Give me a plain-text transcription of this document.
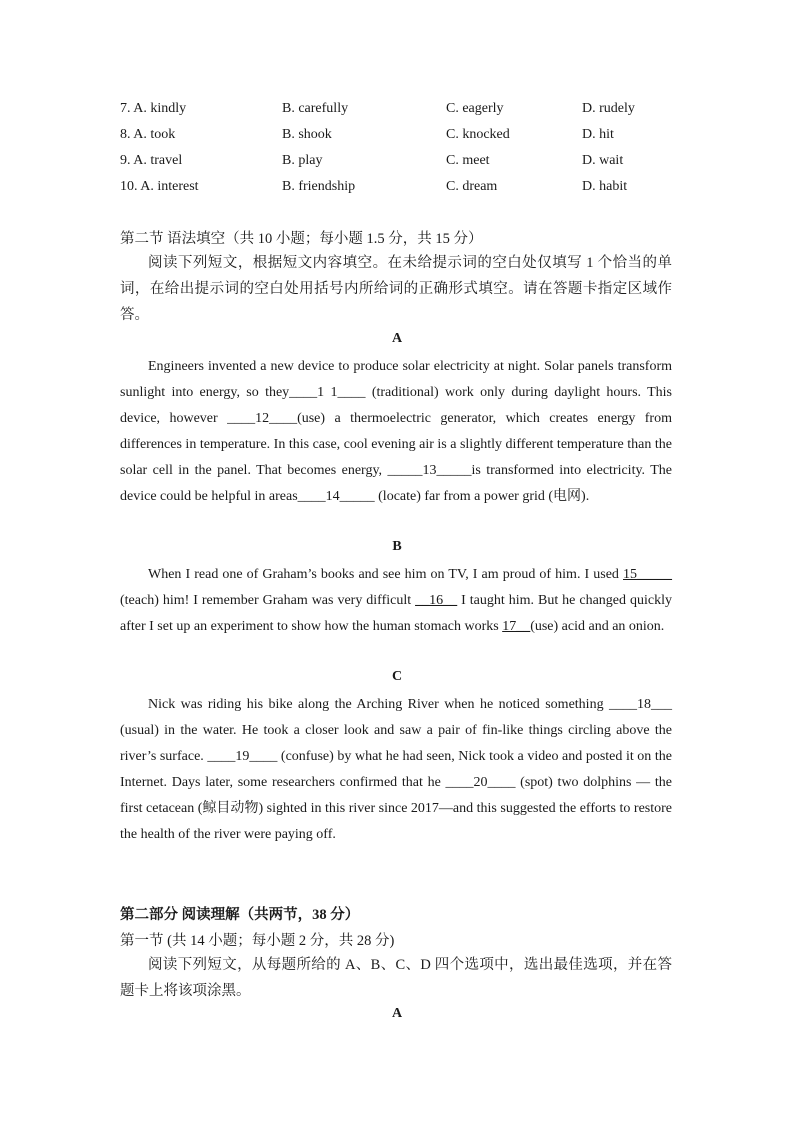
7. A. kindly	B. carefully	C. eagerly	D. rudely
8. A. took	B. shook	C. knocked	D. hit
9. A. travel	B. play	C. meet	D. wait
10. A. interest	B. friendship	C. dream	D. habit
第二节 语法填空（共 10 小题；每小题 1.5 分，共 15 分）
阅读下列短文，根据短文内容填空。在未给提示词的空白处仅填写 1 个恰当的单词，在给出提示词的空白处用括号内所给词的正确形式填空。请在答题卡指定区域作答。
A
Engineers invented a new device to produce solar electricity at night. Solar panels transform sunlight into energy, so they____1 1____ (traditional) work only during daylight hours. This device, however ____12____(use) a thermoelectric generator, which creates energy from differences in temperature. In this case, cool evening air is a slightly different temperature than the solar cell in the panel. That becomes energy, _____13_____is transformed into electricity. The device could be helpful in areas____14_____ (locate) far from a power grid (电网).
B
When I read one of Graham’s books and see him on TV, I am proud of him. I used 15_____ (teach) him! I remember Graham was very difficult __16__ I taught him. But he changed quickly after I set up an experiment to show how the human stomach works 17__(use) acid and an onion.
C
Nick was riding his bike along the Arching River when he noticed something ____18___ (usual) in the water. He took a closer look and saw a pair of fin-like things circling above the river’s surface. ____19____ (confuse) by what he had seen, Nick took a video and posted it on the Internet. Days later, some researchers confirmed that he ____20____ (spot) two dolphins — the first cetacean (鲸目动物) sighted in this river since 2017—and this suggested the efforts to restore the health of the river were paying off.
第二部分 阅读理解（共两节，38 分）
第一节 (共 14 小题；每小题 2 分，共 28 分)
阅读下列短文，从每题所给的 A、B、C、D 四个选项中，选出最佳选项，并在答题卡上将该项涂黑。
A
